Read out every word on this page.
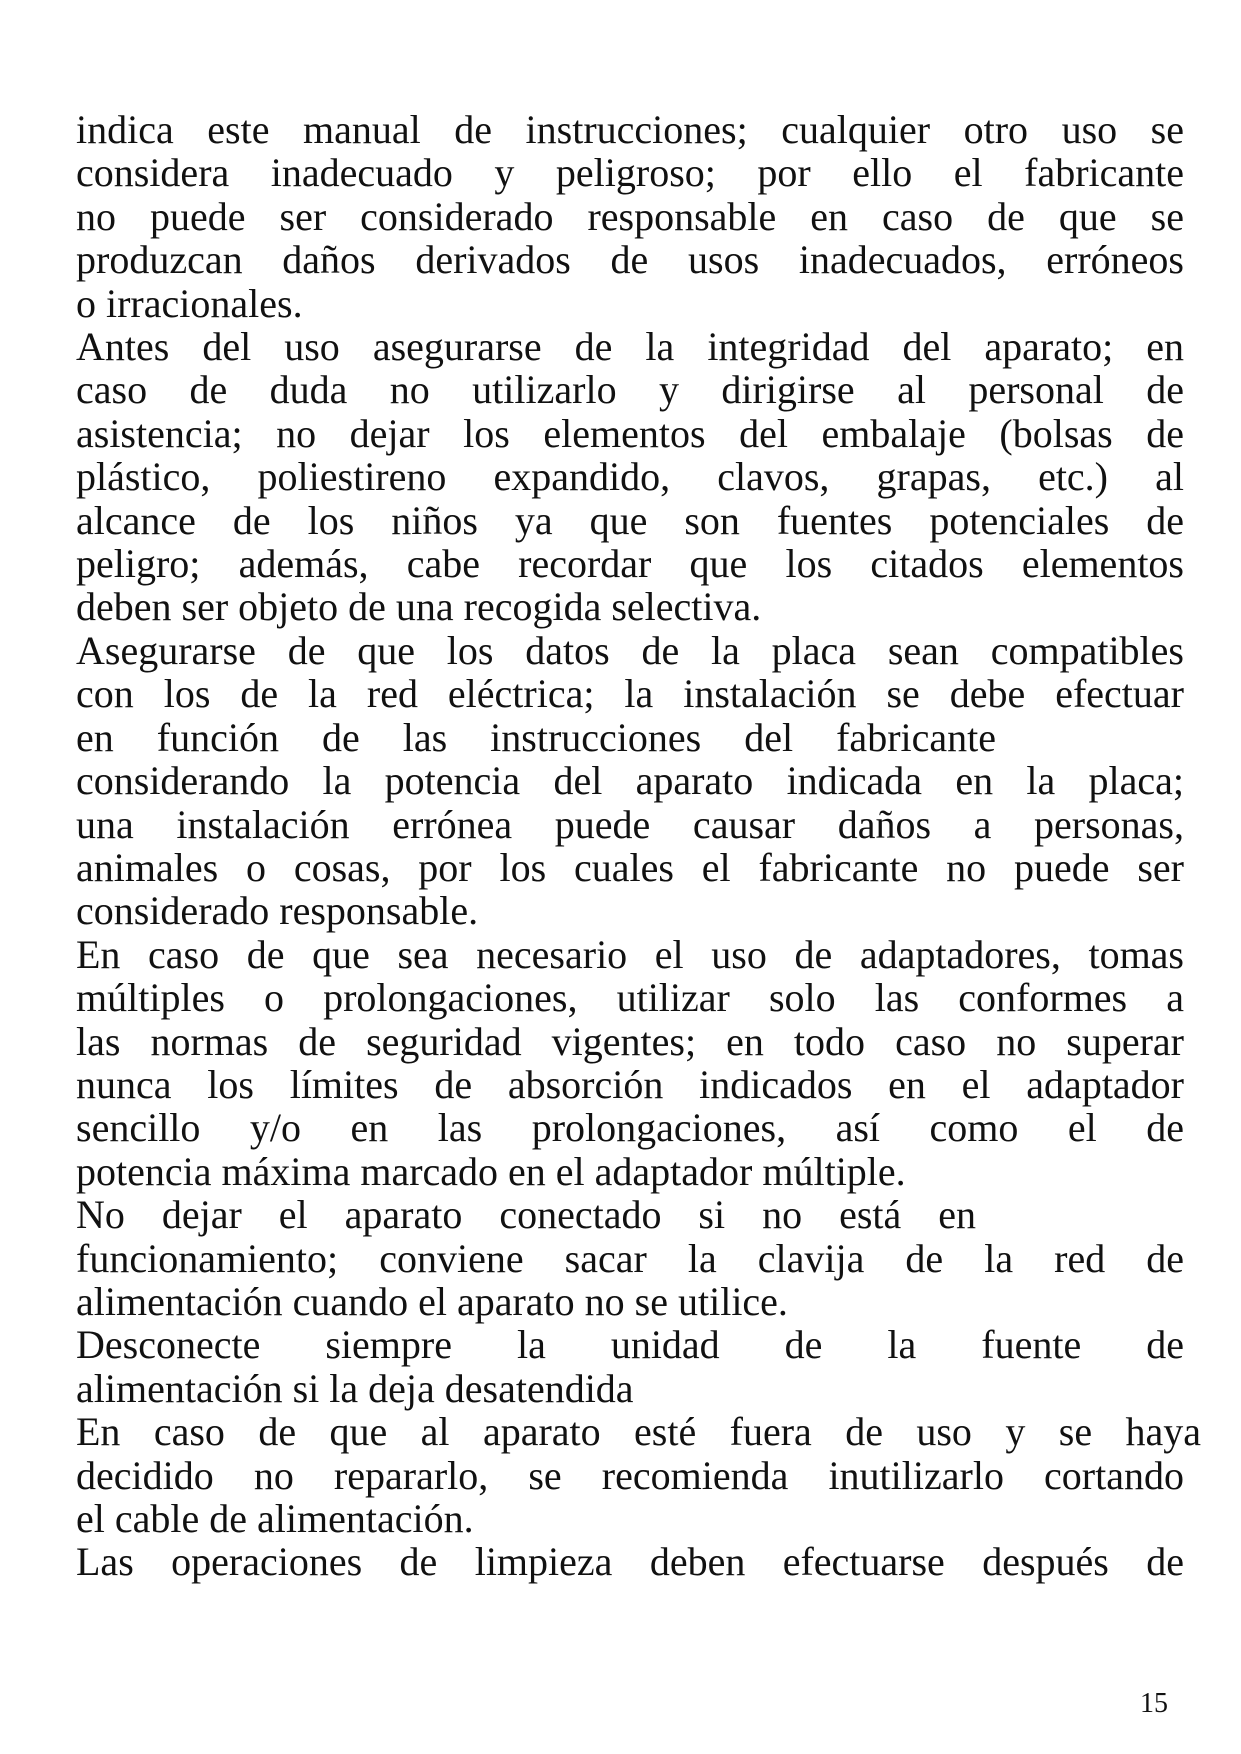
indica este manual de instrucciones; cualquier otro uso se
considera inadecuado y peligroso; por ello el fabricante
no puede ser considerado responsable en caso de que se
produzcan daños derivados de usos inadecuados, erróneos
o irracionales.
Antes del uso asegurarse de la integridad del aparato; en
caso de duda no utilizarlo y dirigirse al personal de
asistencia; no dejar los elementos del embalaje (bolsas de
plástico, poliestireno expandido, clavos, grapas, etc.) al
alcance de los niños ya que son fuentes potenciales de
peligro; además, cabe recordar que los citados elementos
deben ser objeto de una recogida selectiva.
Asegurarse de que los datos de la placa sean compatibles
con los de la red eléctrica; la instalación se debe efectuar
en función de las instrucciones del fabricante
considerando la potencia del aparato indicada en la placa;
una instalación errónea puede causar daños a personas,
animales o cosas, por los cuales el fabricante no puede ser
considerado responsable.
En caso de que sea necesario el uso de adaptadores, tomas
múltiples o prolongaciones, utilizar solo las conformes a
las normas de seguridad vigentes; en todo caso no superar
nunca los límites de absorción indicados en el adaptador
sencillo y/o en las prolongaciones, así como el de
potencia máxima marcado en el adaptador múltiple.
No dejar el aparato conectado si no está en
funcionamiento; conviene sacar la clavija de la red de
alimentación cuando el aparato no se utilice.
Desconecte siempre la unidad de la fuente de
alimentación si la deja desatendida
En caso de que al aparato esté fuera de uso y se haya
decidido no repararlo, se recomienda inutilizarlo cortando
el cable de alimentación.
Las operaciones de limpieza deben efectuarse después de
15
